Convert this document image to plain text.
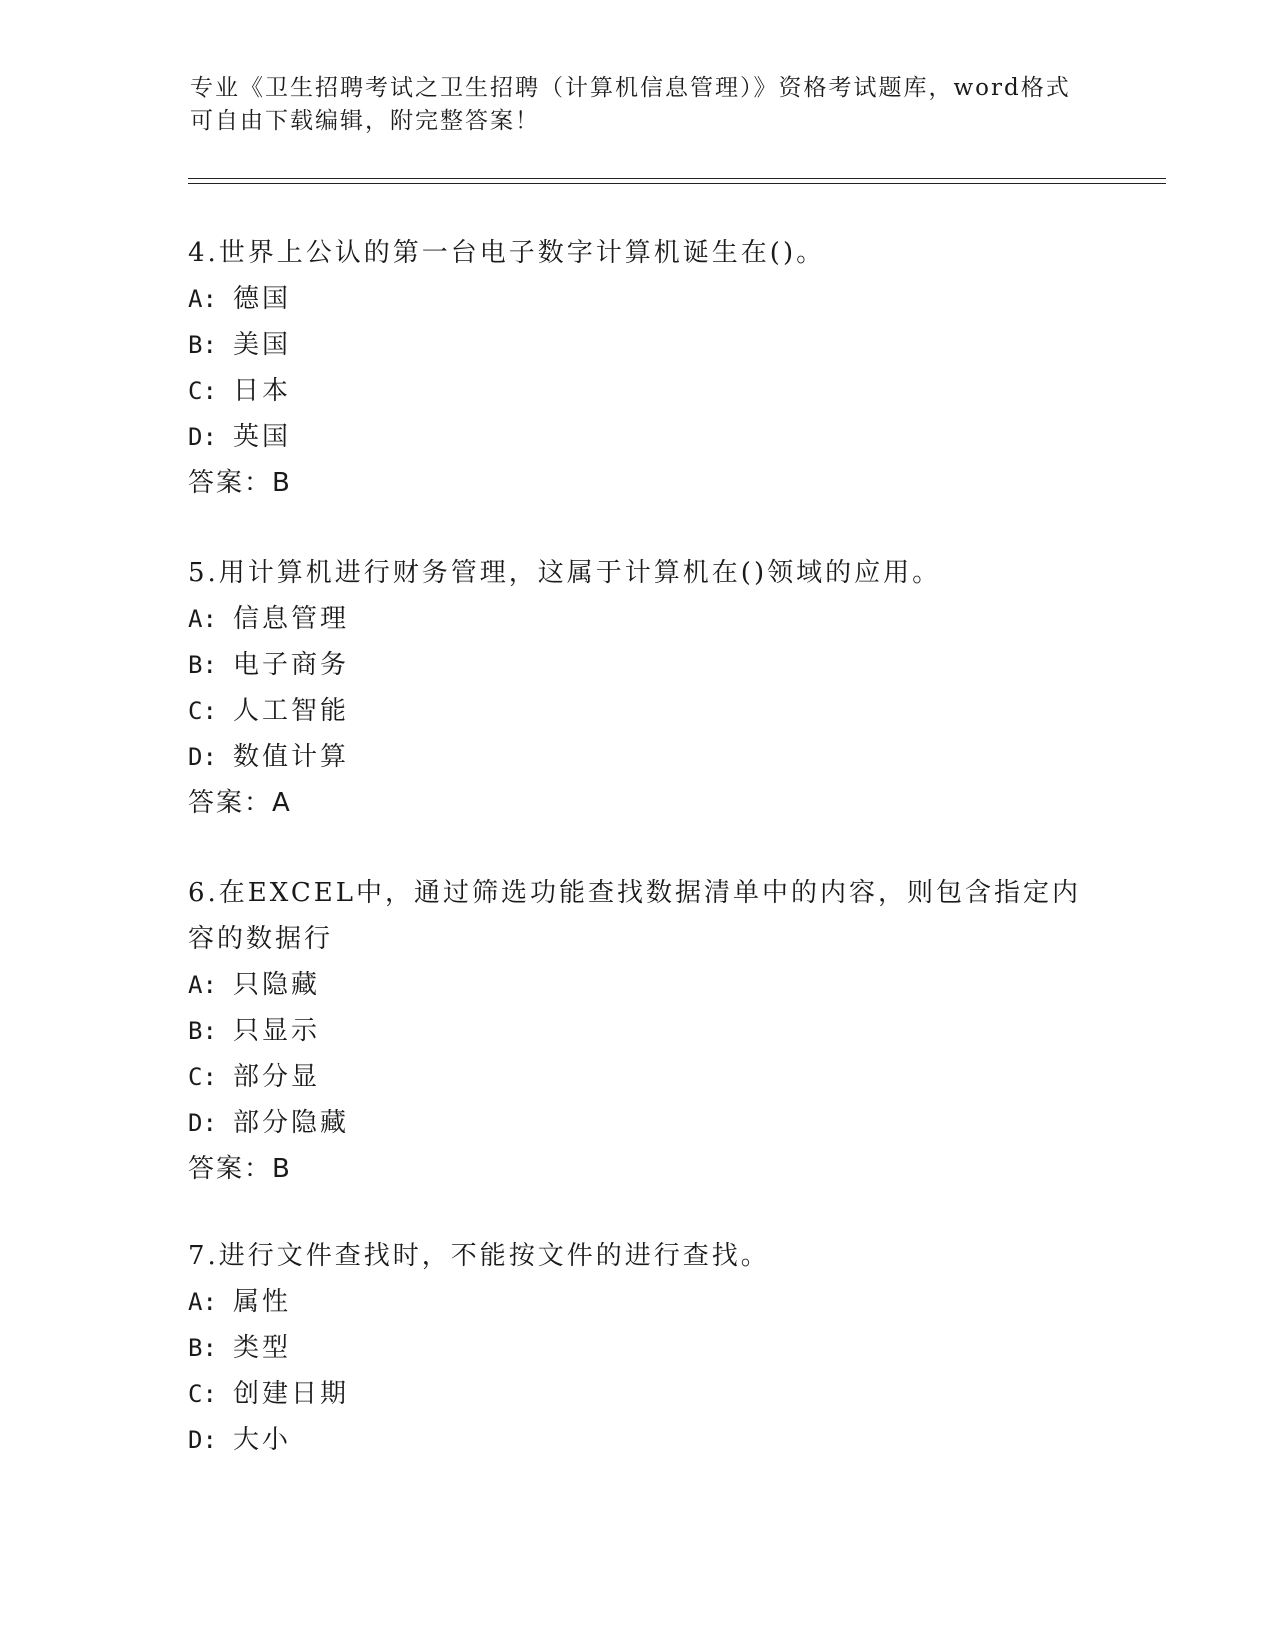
专业《卫生招聘考试之卫生招聘（计算机信息管理）》资格考试题库，word格式
可自由下载编辑，附完整答案！
4.世界上公认的第一台电子数字计算机诞生在()。
A: 德国
B: 美国
C: 日本
D: 英国
答案：B
5.用计算机进行财务管理，这属于计算机在()领域的应用。
A: 信息管理
B: 电子商务
C: 人工智能
D: 数值计算
答案：A
6.在EXCEL中，通过筛选功能查找数据清单中的内容，则包含指定内
容的数据行
A: 只隐藏
B: 只显示
C: 部分显
D: 部分隐藏
答案：B
7.进行文件查找时，不能按文件的进行查找。
A: 属性
B: 类型
C: 创建日期
D: 大小
